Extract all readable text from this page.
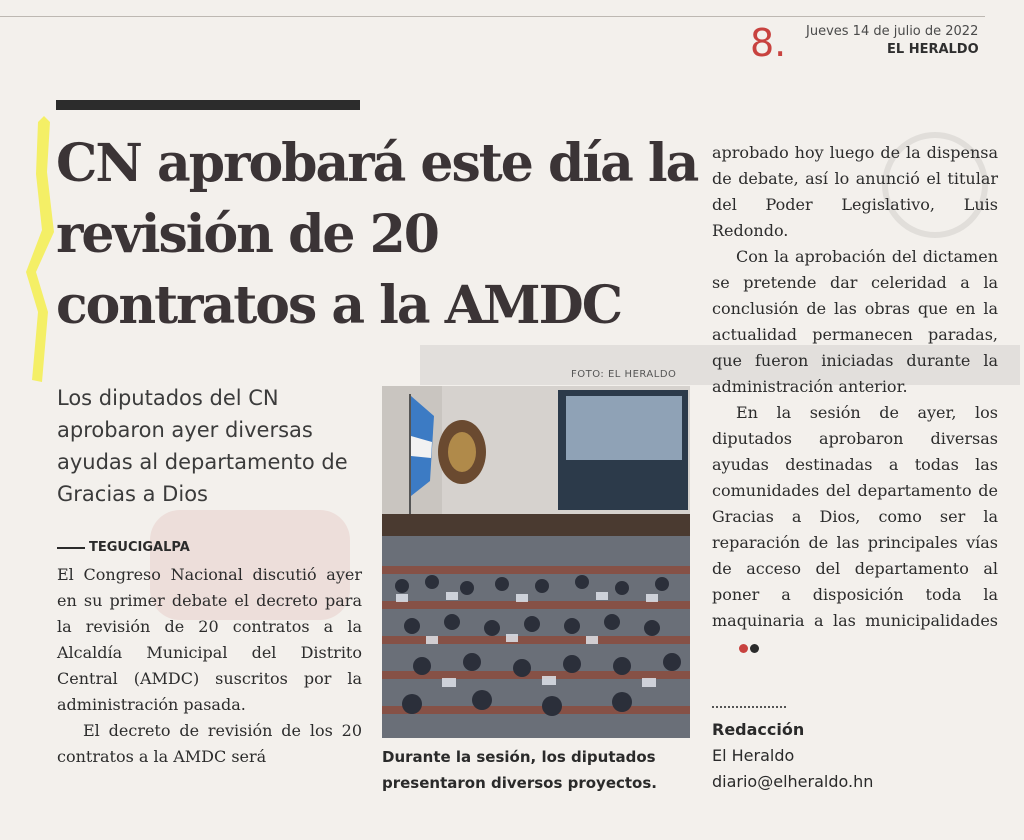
8. Jueves 14 de julio de 2022
EL HERALDO
CN aprobará este día la revisión de 20 contratos a la AMDC
Los diputados del CN aprobaron ayer diversas ayudas al departamento de Gracias a Dios
TEGUCIGALPA

El Congreso Nacional discutió ayer en su primer debate el decreto para la revisión de 20 contratos a la Alcaldía Municipal del Distrito Central (AMDC) suscritos por la administración pasada.

El decreto de revisión de los 20 contratos a la AMDC será

FOTO: EL HERALDO
Durante la sesión, los diputados presentaron diversos proyectos.

aprobado hoy luego de la dispensa de debate, así lo anunció el titular del Poder Legislativo, Luis Redondo.

Con la aprobación del dictamen se pretende dar celeridad a la conclusión de las obras que en la actualidad permanecen paradas, que fueron iniciadas durante la administración anterior.

En la sesión de ayer, los diputados aprobaron diversas ayudas destinadas a todas las comunidades del departamento de Gracias a Dios, como ser la reparación de las principales vías de acceso del departamento al poner a disposición toda la maquinaria a las municipalidades

Redacción
El Heraldo
diario@elheraldo.hn
